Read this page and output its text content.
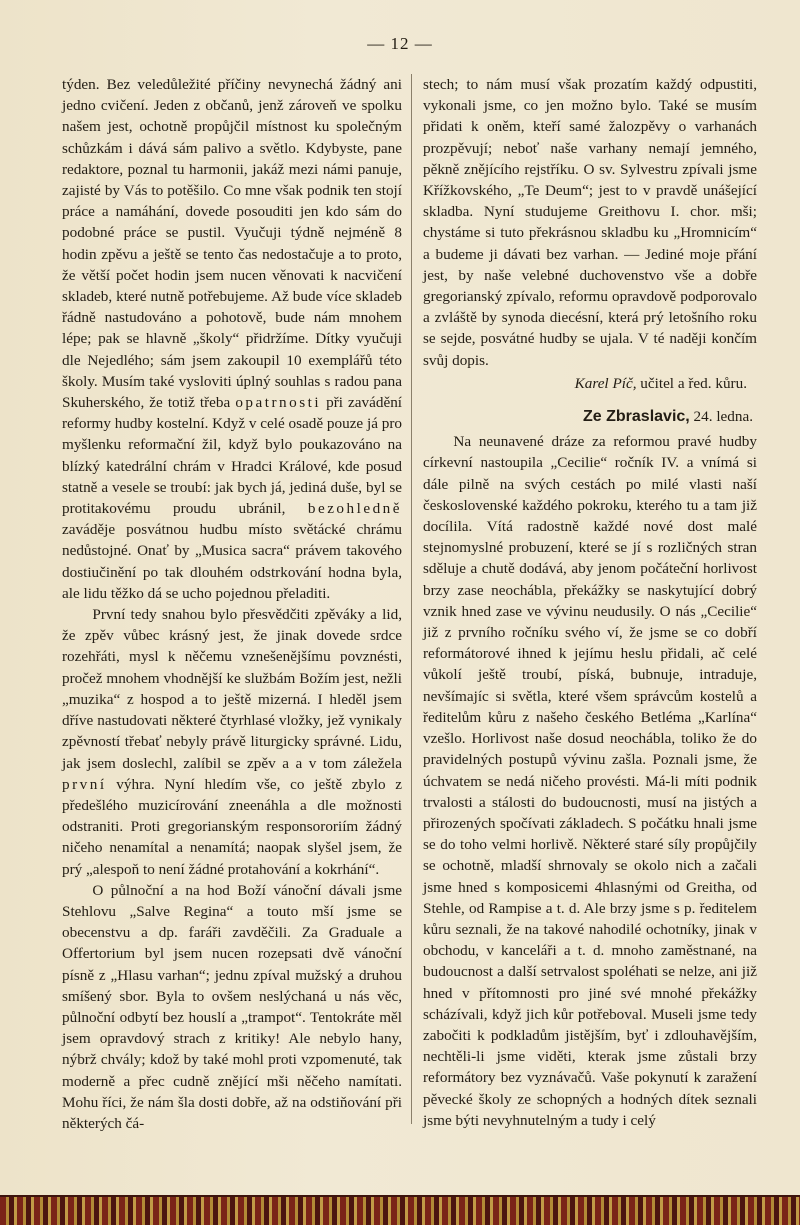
— 12 —

týden. Bez veledůležité příčiny nevynechá žádný ani jedno cvičení. Jeden z občanů, jenž zároveň ve spolku našem jest, ochotně propůjčil místnost ku společným schůzkám i dává sám palivo a světlo. Kdybyste, pane redaktore, poznal tu harmonii, jakáž mezi námi panuje, zajisté by Vás to potěšilo. Co mne však podnik ten stojí práce a namáhání, dovede posouditi jen kdo sám do podobné práce se pustil. Vyučuji týdně nejméně 8 hodin zpěvu a ještě se tento čas nedostačuje a to proto, že větší počet hodin jsem nucen věnovati k nacvičení skladeb, které nutně potřebujeme. Až bude více skladeb řádně nastudováno a pohotově, bude nám mnohem lépe; pak se hlavně „školy“ přidržíme. Dítky vyučuji dle Nejedlého; sám jsem zakoupil 10 exemplářů této školy. Musím také vysloviti úplný souhlas s radou pana Skuherského, že totiž třeba opatrnosti při zavádění reformy hudby kostelní. Když v celé osadě pouze já pro myšlenku reformační žil, když bylo poukazováno na blízký katedrální chrám v Hradci Králové, kde posud statně a vesele se troubí: jak bych já, jediná duše, byl se protitakovému proudu ubránil, bezohledně zaváděje posvátnou hudbu místo světácké chrámu nedůstojné. Onať by „Musica sacra“ právem takového dostiučinění po tak dlouhém odstrkování hodna byla, ale lidu těžko dá se ucho pojednou přeladiti.

První tedy snahou bylo přesvědčiti zpěváky a lid, že zpěv vůbec krásný jest, že jinak dovede srdce rozehřáti, mysl k něčemu vznešenějšímu povznésti, pročež mnohem vhodnější ke službám Božím jest, nežli „muzika“ z hospod a to ještě mizerná. I hleděl jsem dříve nastudovati některé čtyrhlasé vložky, jež vynikaly zpěvností třebať nebyly právě liturgicky správné. Lidu, jak jsem doslechl, zalíbil se zpěv a a v tom záležela první výhra. Nyní hledím vše, co ještě zbylo z předešlého muzicírování zneenáhla a dle možnosti odstraniti. Proti gregorianským responsororiím žádný ničeho nenamítal a nenamítá; naopak slyšel jsem, že prý „alespoň to není žádné protahování a kokrhání“.

O půlnoční a na hod Boží vánoční dávali jsme Stehlovu „Salve Regina“ a touto mší jsme se obecenstvu a dp. faráři zavděčili. Za Graduale a Offertorium byl jsem nucen rozepsati dvě vánoční písně z „Hlasu varhan“; jednu zpíval mužský a druhou smíšený sbor. Byla to ovšem neslýchaná u nás věc, půlnoční odbytí bez houslí a „trampot“. Tentokráte měl jsem opravdový strach z kritiky! Ale nebylo hany, nýbrž chvály; kdož by také mohl proti vzpomenuté, tak moderně a přec cudně znějící mši něčeho namítati. Mohu říci, že nám šla dosti dobře, až na odstiňování při některých čá-

stech; to nám musí však prozatím každý odpustiti, vykonali jsme, co jen možno bylo. Také se musím přidati k oněm, kteří samé žalozpěvy o varhanách prozpěvují; neboť naše varhany nemají jemného, pěkně znějícího rejstříku. O sv. Sylvestru zpívali jsme Křížkovského, „Te Deum“; jest to v pravdě unášející skladba. Nyní studujeme Greithovu I. chor. mši; chystáme si tuto překrásnou skladbu ku „Hromnicím“ a budeme ji dávati bez varhan. — Jediné moje přání jest, by naše velebné duchovenstvo vše a dobře gregorianský zpívalo, reformu opravdově podporovalo a zvláště by synoda diecésní, která prý letošního roku se sejde, posvátné hudby se ujala. V té naději končím svůj dopis.

Karel Píč, učitel a řed. kůru.
Ze Zbraslavic, 24. ledna.

Na neunavené dráze za reformou pravé hudby církevní nastoupila „Cecilie“ ročník IV. a vnímá si dále pilně na svých cestách po milé vlasti naší československé každého pokroku, kterého tu a tam již docílila. Vítá radostně každé nové dost malé stejnomyslné probuzení, které se jí s rozličných stran sděluje a chutě dodává, aby jenom počáteční horlivost brzy zase neochábla, překážky se naskytující dobrý vznik hned zase ve vývinu neudusily. O nás „Cecilie“ již z prvního ročníku svého ví, že jsme se co dobří reformátorové ihned k jejímu heslu přidali, ač celé vůkolí ještě troubí, píská, bubnuje, intraduje, nevšímajíc si světla, které všem správcům kostelů a ředitelům kůru z našeho českého Betléma „Karlína“ vzešlo. Horlivost naše dosud neochábla, toliko že do pravidelných postupů vývinu zašla. Poznali jsme, že úchvatem se nedá ničeho provésti. Má-li míti podnik trvalosti a stálosti do budoucnosti, musí na jistých a přirozených spočívati základech. S počátku hnali jsme se do toho velmi horlivě. Některé staré síly propůjčily se ochotně, mladší shrnovaly se okolo nich a začali jsme hned s komposicemi 4hlasnými od Greitha, od Stehle, od Rampise a t. d. Ale brzy jsme s p. ředitelem kůru seznali, že na takové nahodilé ochotníky, jinak v obchodu, v kanceláři a t. d. mnoho zaměstnané, na budoucnost a další setrvalost spoléhati se nelze, ani již hned v přítomnosti pro jiné své mnohé překážky scházívali, když jich kůr potřeboval. Museli jsme tedy zabočiti k podkladům jistějším, byť i zdlouhavějším, nechtěli-li jsme viděti, kterak jsme zůstali brzy reformátory bez vyznávačů. Vaše pokynutí k zaražení pěvecké školy ze schopných a hodných dítek seznali jsme býti nevyhnutelným a tudy i celý
